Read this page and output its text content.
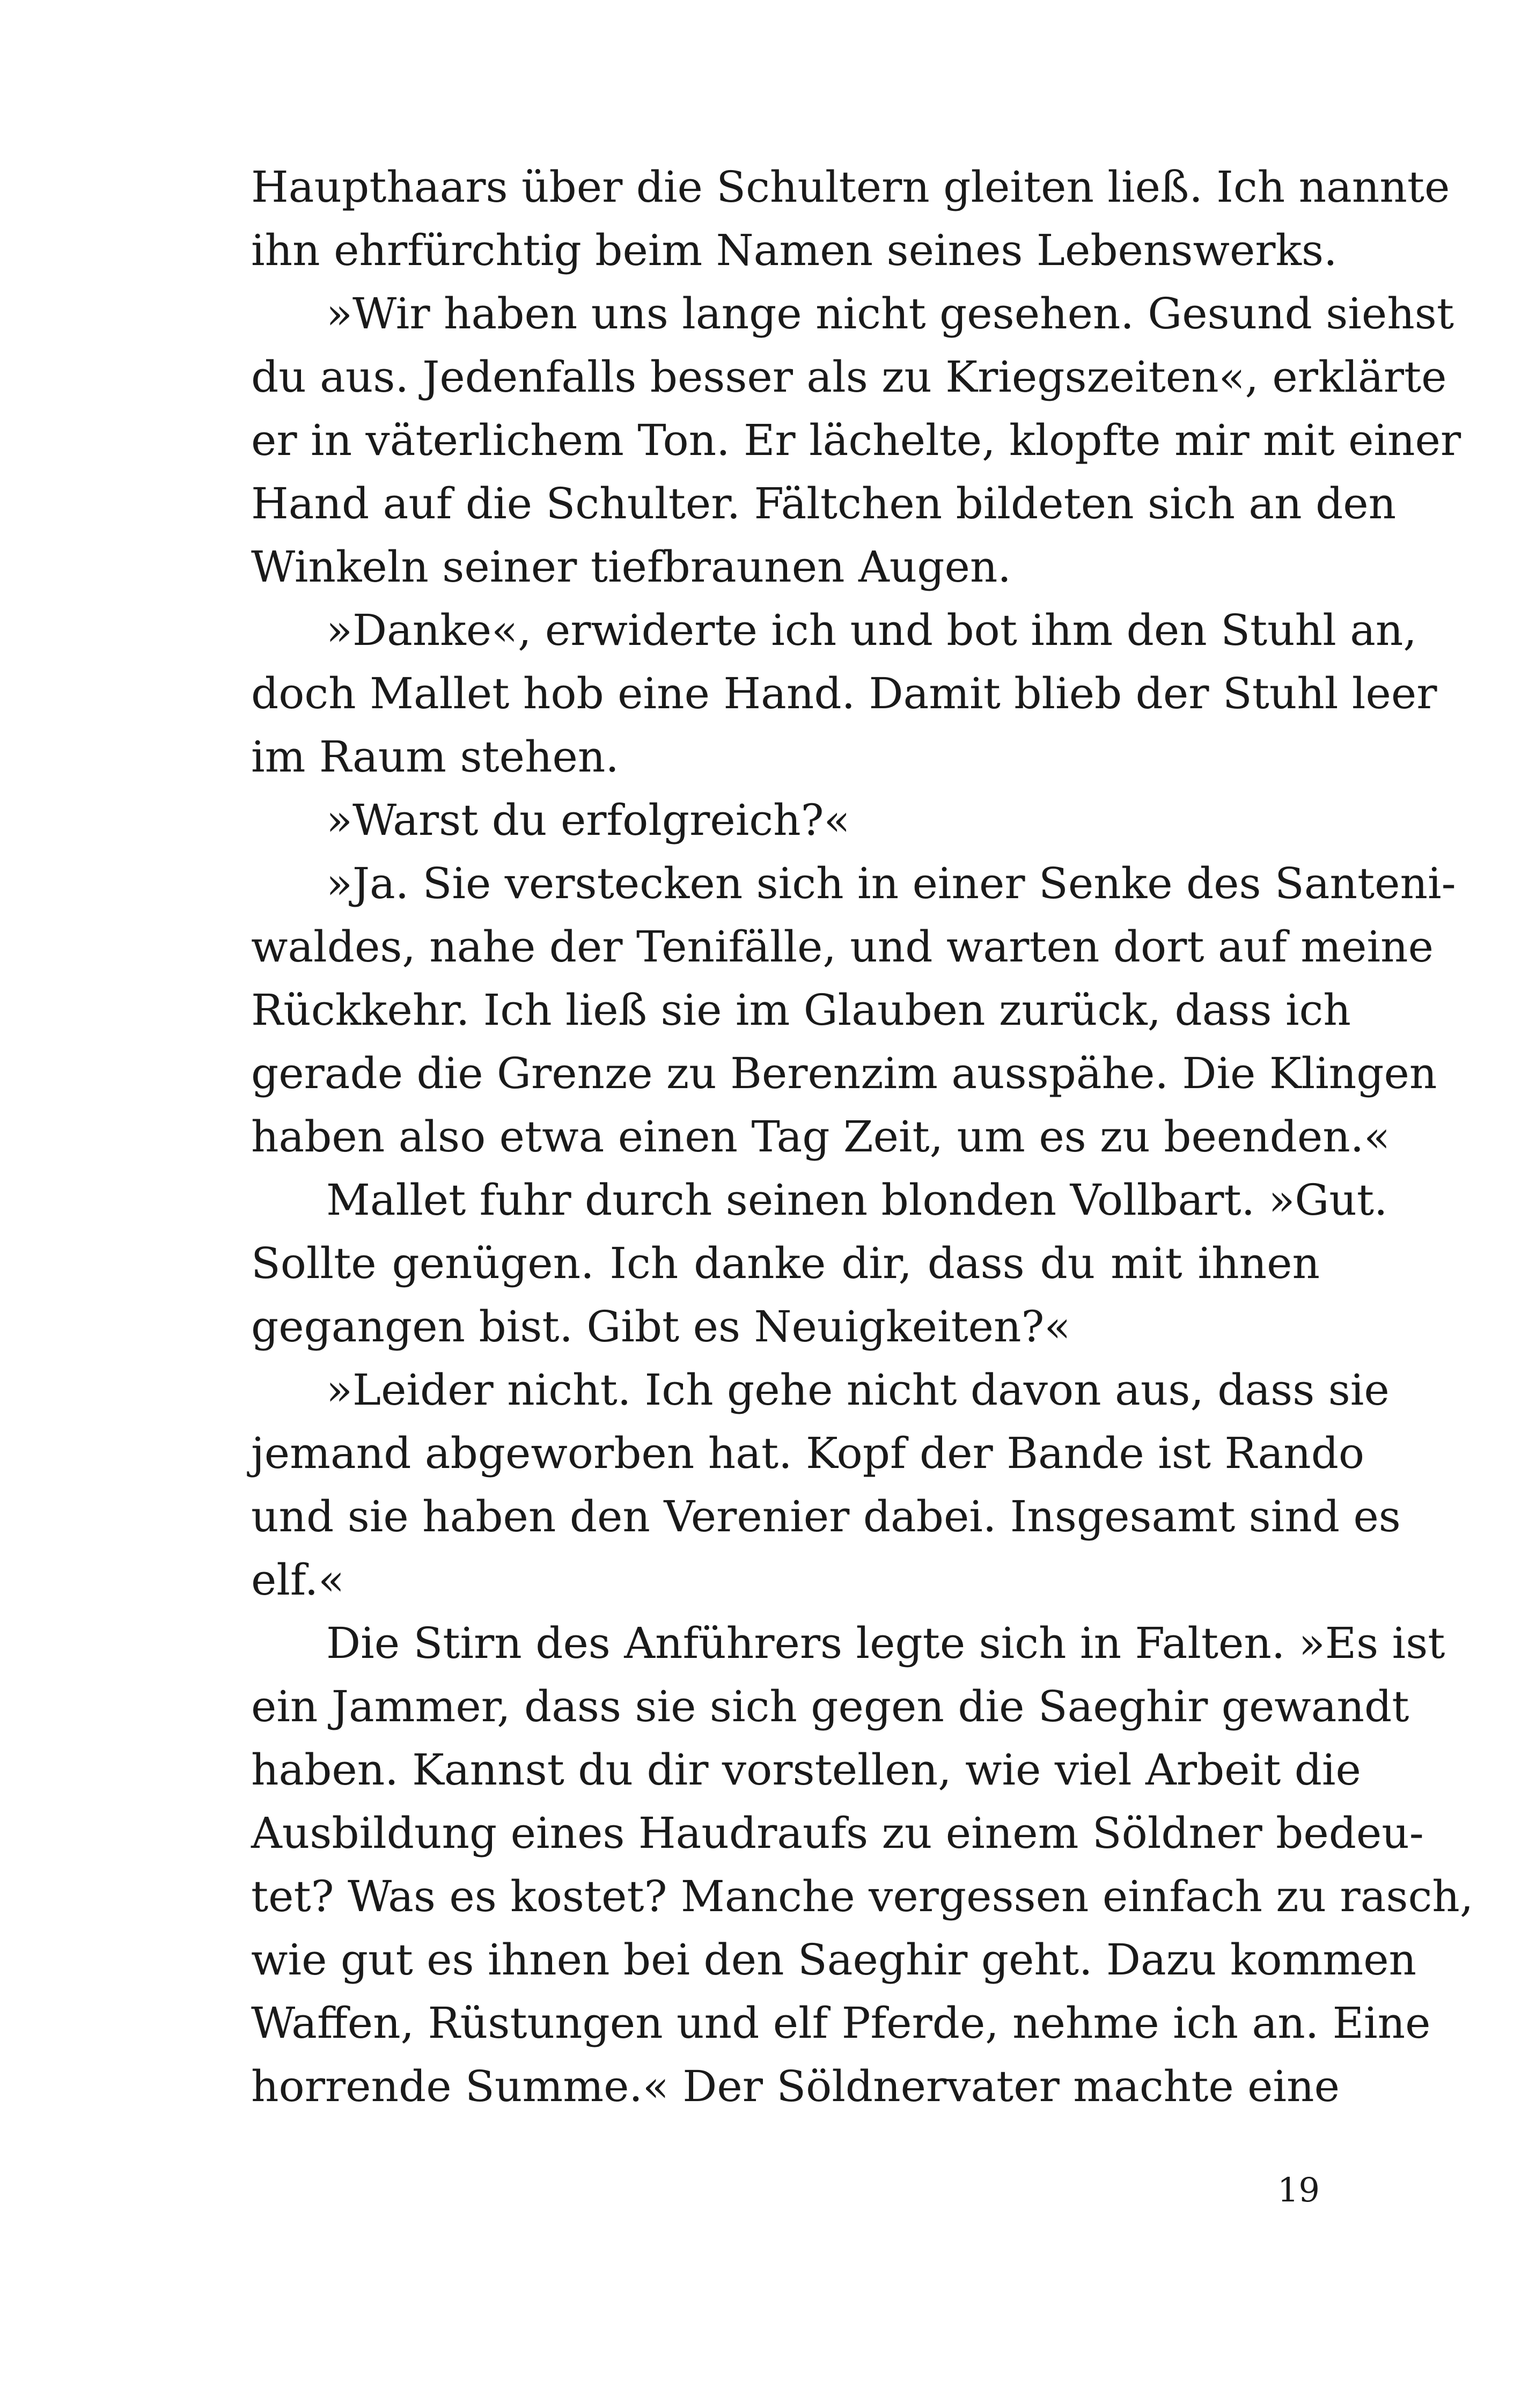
Haupthaars über die Schultern gleiten ließ. Ich nannte
ihn ehrfürchtig beim Namen seines Lebenswerks.
»Wir haben uns lange nicht gesehen. Gesund siehst
du aus. Jedenfalls besser als zu Kriegszeiten«, erklärte
er in väterlichem Ton. Er lächelte, klopfte mir mit einer
Hand auf die Schulter. Fältchen bildeten sich an den
Winkeln seiner tiefbraunen Augen.
»Danke«, erwiderte ich und bot ihm den Stuhl an,
doch Mallet hob eine Hand. Damit blieb der Stuhl leer
im Raum stehen.
»Warst du erfolgreich?«
»Ja. Sie verstecken sich in einer Senke des Santeni-
waldes, nahe der Tenifälle, und warten dort auf meine
Rückkehr. Ich ließ sie im Glauben zurück, dass ich
gerade die Grenze zu Berenzim ausspähe. Die Klingen
haben also etwa einen Tag Zeit, um es zu beenden.«
Mallet fuhr durch seinen blonden Vollbart. »Gut.
Sollte genügen. Ich danke dir, dass du mit ihnen
gegangen bist. Gibt es Neuigkeiten?«
»Leider nicht. Ich gehe nicht davon aus, dass sie
jemand abgeworben hat. Kopf der Bande ist Rando
und sie haben den Verenier dabei. Insgesamt sind es
elf.«
Die Stirn des Anführers legte sich in Falten. »Es ist
ein Jammer, dass sie sich gegen die Saeghir gewandt
haben. Kannst du dir vorstellen, wie viel Arbeit die
Ausbildung eines Haudraufs zu einem Söldner bedeu-
tet? Was es kostet? Manche vergessen einfach zu rasch,
wie gut es ihnen bei den Saeghir geht. Dazu kommen
Waffen, Rüstungen und elf Pferde, nehme ich an. Eine
horrende Summe.« Der Söldnervater machte eine
19
